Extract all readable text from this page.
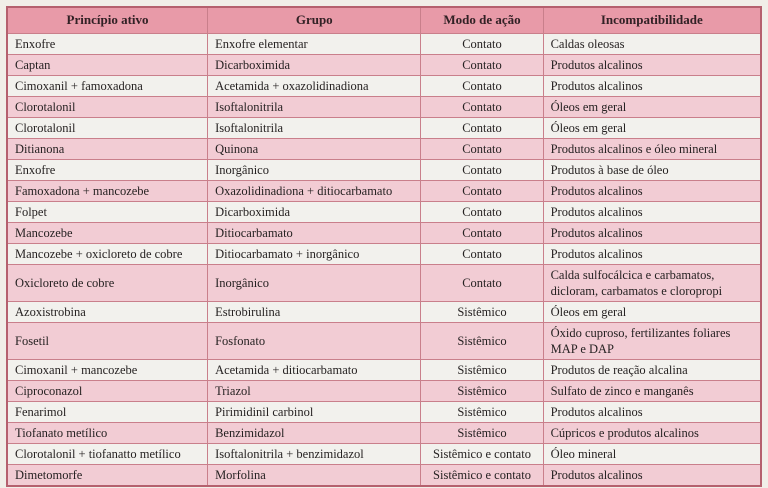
Princípio ativo	Grupo	Modo de ação	Incompatibilidade
Enxofre	Enxofre elementar	Contato	Caldas oleosas
Captan	Dicarboximida	Contato	Produtos alcalinos
Cimoxanil + famoxadona	Acetamida + oxazolidinadiona	Contato	Produtos alcalinos
Clorotalonil	Isoftalonitrila	Contato	Óleos em geral
Clorotalonil	Isoftalonitrila	Contato	Óleos em geral
Ditianona	Quinona	Contato	Produtos alcalinos e óleo mineral
Enxofre	Inorgânico	Contato	Produtos à base de óleo
Famoxadona + mancozebe	Oxazolidinadiona + ditiocarbamato	Contato	Produtos alcalinos
Folpet	Dicarboximida	Contato	Produtos alcalinos
Mancozebe	Ditiocarbamato	Contato	Produtos alcalinos
Mancozebe + oxicloreto de cobre	Ditiocarbamato + inorgânico	Contato	Produtos alcalinos
Oxicloreto de cobre	Inorgânico	Contato	Calda sulfocálcica e carbamatos, dicloram, carbamatos e cloropropi
Azoxistrobina	Estrobirulina	Sistêmico	Óleos em geral
Fosetil	Fosfonato	Sistêmico	Óxido cuproso, fertilizantes foliares MAP e DAP
Cimoxanil + mancozebe	Acetamida + ditiocarbamato	Sistêmico	Produtos de reação alcalina
Ciproconazol	Triazol	Sistêmico	Sulfato de zinco e manganês
Fenarimol	Pirimidinil carbinol	Sistêmico	Produtos alcalinos
Tiofanato metílico	Benzimidazol	Sistêmico	Cúpricos e produtos alcalinos
Clorotalonil + tiofanatto metílico	Isoftalonitrila + benzimidazol	Sistêmico e contato	Óleo mineral
Dimetomorfe	Morfolina	Sistêmico e contato	Produtos alcalinos
